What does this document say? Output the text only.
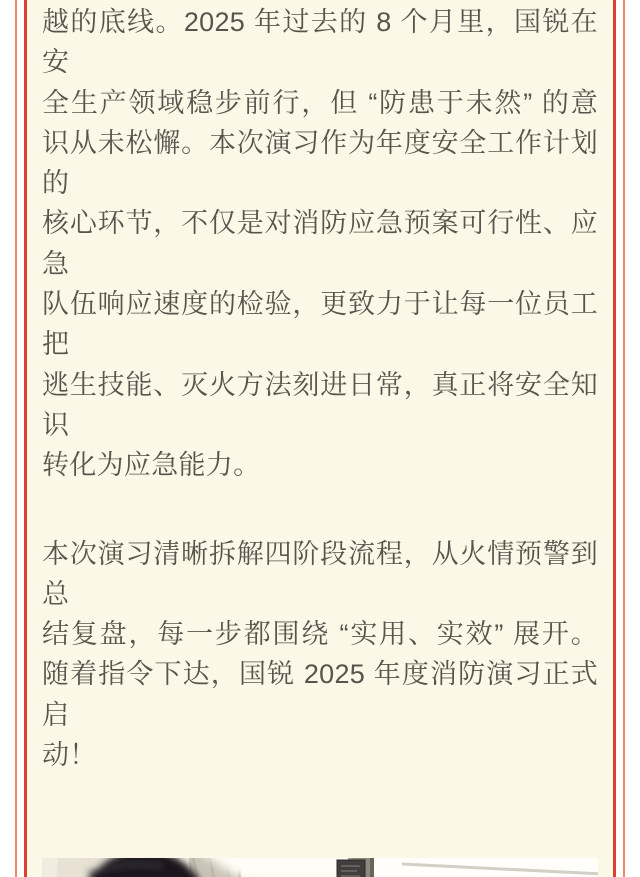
越的底线。2025 年过去的 8 个月里，国锐在安
全生产领域稳步前行，但 “防患于未然” 的意
识从未松懈。本次演习作为年度安全工作计划的
核心环节，不仅是对消防应急预案可行性、应急
队伍响应速度的检验，更致力于让每一位员工把
逃生技能、灭火方法刻进日常，真正将安全知识
转化为应急能力。
本次演习清晰拆解四阶段流程，从火情预警到总
结复盘，每一步都围绕 “实用、实效” 展开。
随着指令下达，国锐 2025 年度消防演习正式启
动！
